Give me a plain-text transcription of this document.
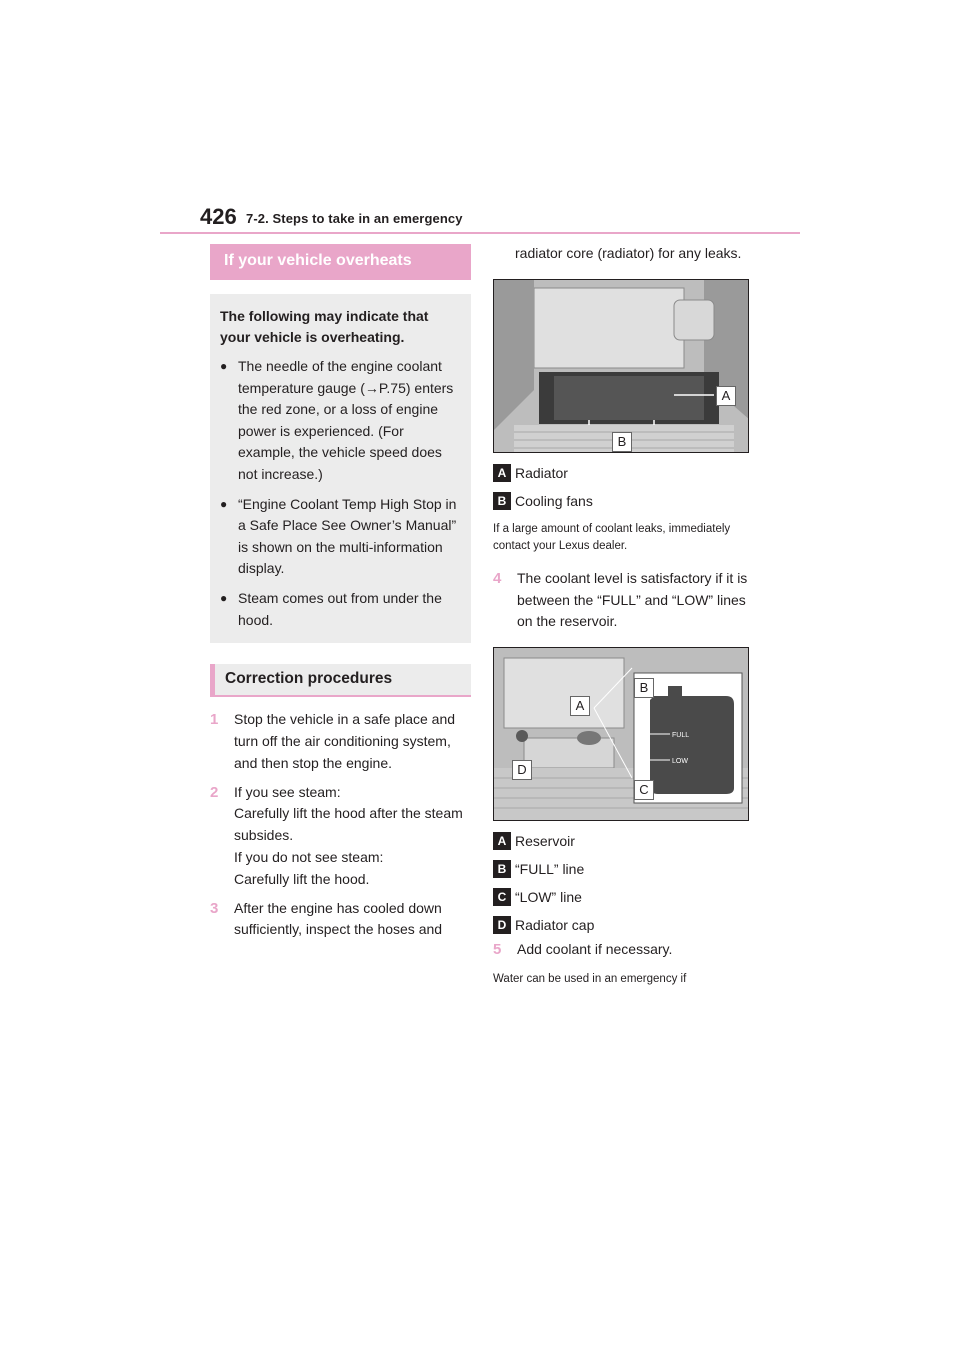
426 7-2. Steps to take in an emergency
If your vehicle overheats
The following may indicate that your vehicle is overheating.
● The needle of the engine coolant temperature gauge (→P.75) enters the red zone, or a loss of engine power is experienced. (For example, the vehicle speed does not increase.)
● “Engine Coolant Temp High Stop in a Safe Place See Owner’s Manual” is shown on the multi-information display.
● Steam comes out from under the hood.
Correction procedures
1	Stop the vehicle in a safe place and turn off the air conditioning system, and then stop the engine.
2	If you see steam:
Carefully lift the hood after the steam subsides.
If you do not see steam:
Carefully lift the hood.
3	After the engine has cooled down sufficiently, inspect the hoses and
radiator core (radiator) for any leaks.
A
B
A Radiator
B Cooling fans
If a large amount of coolant leaks, immediately contact your Lexus dealer.
4	The coolant level is satisfactory if it is between the “FULL” and “LOW” lines on the reservoir.
FULL
LOW
A
B
C
D
A Reservoir
B “FULL” line
C “LOW” line
D Radiator cap
5	Add coolant if necessary.
Water can be used in an emergency if
